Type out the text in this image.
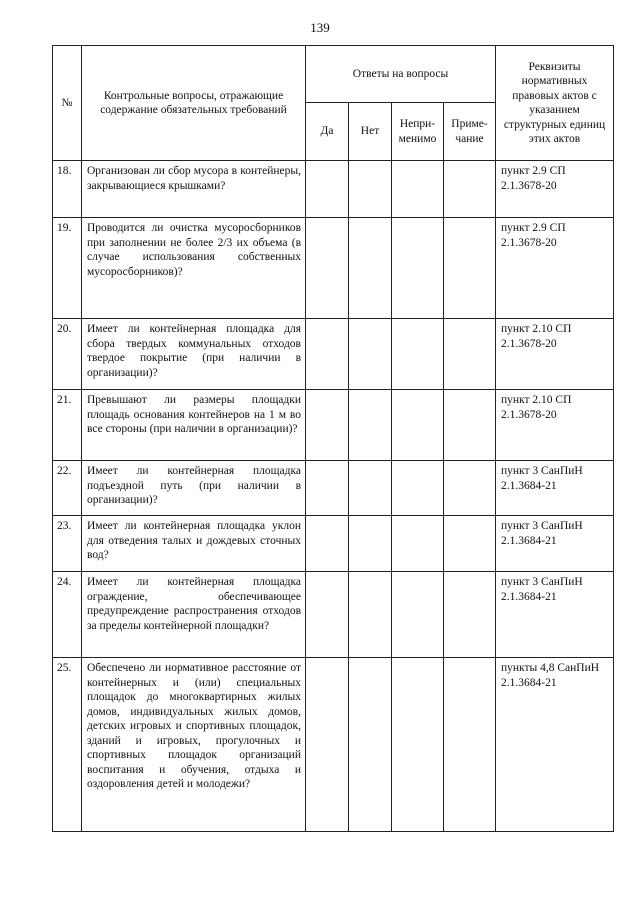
139
№	Контрольные вопросы, отражающие содержание обязательных требований	Ответы на вопросы				Реквизиты нормативных правовых актов с указанием структурных единиц этих актов
		Да	Нет	Непри-менимо	Приме-чание	
18.	Организован ли сбор мусора в контейнеры, закрывающиеся крышками?					пункт 2.9 СП 2.1.3678-20
19.	Проводится ли очистка мусоросборников при заполнении не более 2/3 их объема (в случае использования собственных мусоросборников)?					пункт 2.9 СП 2.1.3678-20
20.	Имеет ли контейнерная площадка для сбора твердых коммунальных отходов твердое покрытие (при наличии в организации)?					пункт 2.10 СП 2.1.3678-20
21.	Превышают ли размеры площадки площадь основания контейнеров на 1 м во все стороны (при наличии в организации)?					пункт 2.10 СП 2.1.3678-20
22.	Имеет ли контейнерная площадка подъездной путь (при наличии в организации)?					пункт 3 СанПиН 2.1.3684-21
23.	Имеет ли контейнерная площадка уклон для отведения талых и дождевых сточных вод?					пункт 3 СанПиН 2.1.3684-21
24.	Имеет ли контейнерная площадка ограждение, обеспечивающее предупреждение распространения отходов за пределы контейнерной площадки?					пункт 3 СанПиН 2.1.3684-21
25.	Обеспечено ли нормативное расстояние от контейнерных и (или) специальных площадок до многоквартирных жилых домов, индивидуальных жилых домов, детских игровых и спортивных площадок, зданий и игровых, прогулочных и спортивных площадок организаций воспитания и обучения, отдыха и оздоровления детей и молодежи?					пункты 4,8 СанПиН 2.1.3684-21
